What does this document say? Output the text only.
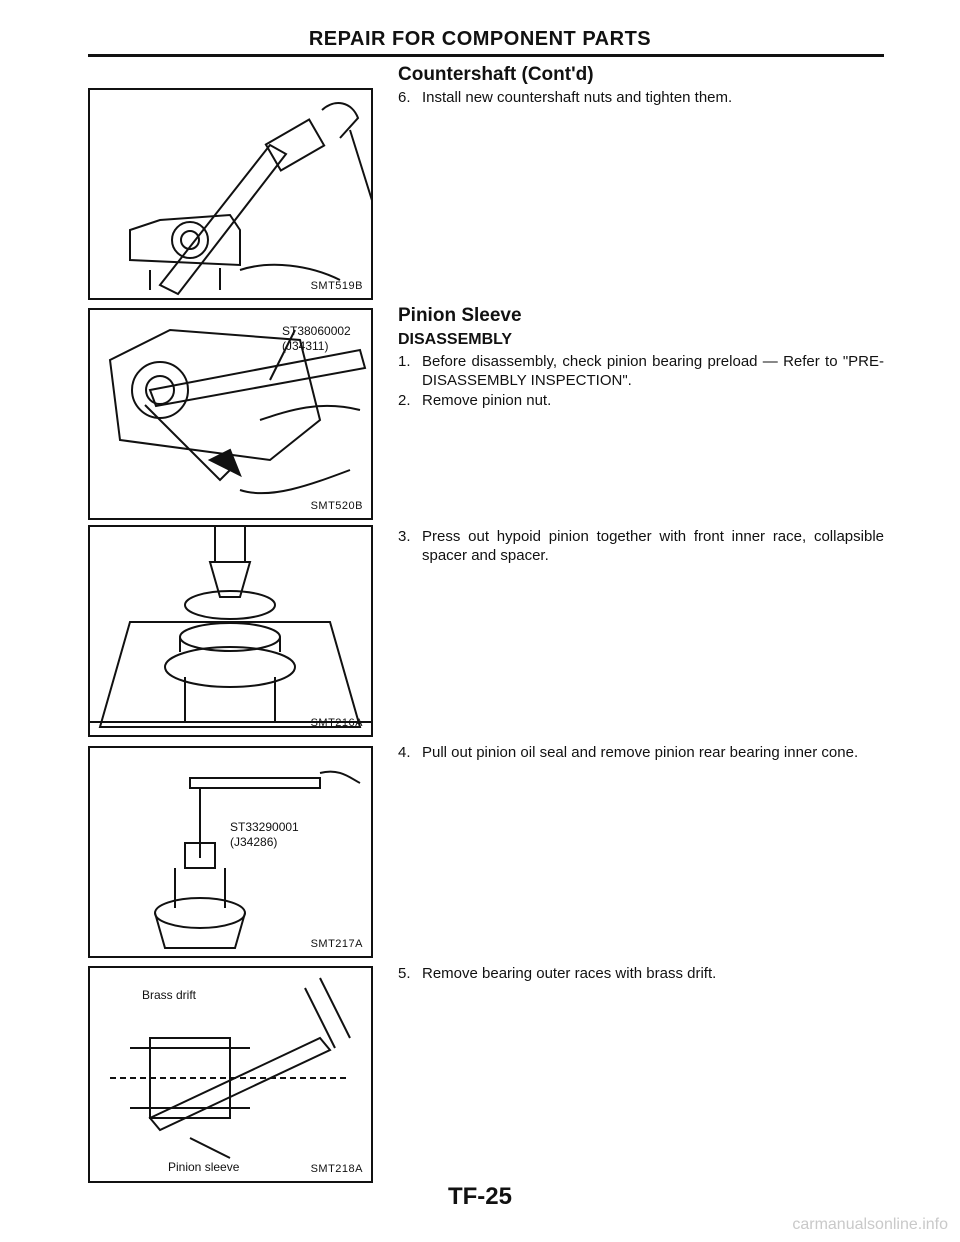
REPAIR FOR COMPONENT PARTS
SMT519B
ST38060002
(J34311)
SMT520B
SMT216A
ST33290001
(J34286)
SMT217A
Brass drift
Pinion sleeve	SMT218A
Countershaft (Cont'd)
6. Install new countershaft nuts and tighten them.
Pinion Sleeve
DISASSEMBLY
1. Before disassembly, check pinion bearing preload — Refer to "PRE-DISASSEMBLY INSPECTION".
2. Remove pinion nut.
3. Press out hypoid pinion together with front inner race, collapsible spacer and spacer.
4. Pull out pinion oil seal and remove pinion rear bearing inner cone.
5. Remove bearing outer races with brass drift.
TF-25
carmanualsonline.info
